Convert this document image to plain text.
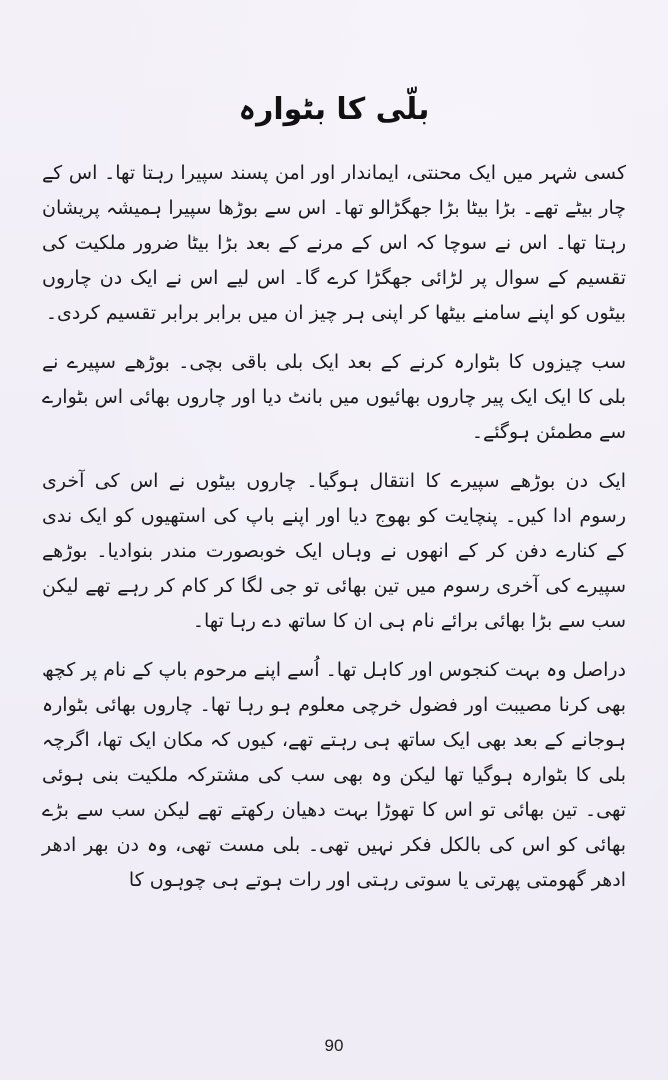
بلّی کا بٹوارہ

کسی شہر میں ایک محنتی، ایماندار اور امن پسند سپیرا رہتا تھا۔ اس کے چار بیٹے تھے۔ بڑا بیٹا بڑا جھگڑالو تھا۔ اس سے بوڑھا سپیرا ہمیشہ پریشان رہتا تھا۔ اس نے سوچا کہ اس کے مرنے کے بعد بڑا بیٹا ضرور ملکیت کی تقسیم کے سوال پر لڑائی جھگڑا کرے گا۔ اس لیے اس نے ایک دن چاروں بیٹوں کو اپنے سامنے بیٹھا کر اپنی ہر چیز ان میں برابر برابر تقسیم کردی۔

سب چیزوں کا بٹوارہ کرنے کے بعد ایک بلی باقی بچی۔ بوڑھے سپیرے نے بلی کا ایک ایک پیر چاروں بھائیوں میں بانٹ دیا اور چاروں بھائی اس بٹوارے سے مطمئن ہوگئے۔

ایک دن بوڑھے سپیرے کا انتقال ہوگیا۔ چاروں بیٹوں نے اس کی آخری رسوم ادا کیں۔ پنچایت کو بھوج دیا اور اپنے باپ کی استھیوں کو ایک ندی کے کنارے دفن کر کے انھوں نے وہاں ایک خوبصورت مندر بنوادیا۔ بوڑھے سپیرے کی آخری رسوم میں تین بھائی تو جی لگا کر کام کر رہے تھے لیکن سب سے بڑا بھائی برائے نام ہی ان کا ساتھ دے رہا تھا۔

دراصل وہ بہت کنجوس اور کاہل تھا۔ اُسے اپنے مرحوم باپ کے نام پر کچھ بھی کرنا مصیبت اور فضول خرچی معلوم ہو رہا تھا۔ چاروں بھائی بٹوارہ ہوجانے کے بعد بھی ایک ساتھ ہی رہتے تھے، کیوں کہ مکان ایک تھا، اگرچہ بلی کا بٹوارہ ہوگیا تھا لیکن وہ بھی سب کی مشترکہ ملکیت بنی ہوئی تھی۔ تین بھائی تو اس کا تھوڑا بہت دھیان رکھتے تھے لیکن سب سے بڑے بھائی کو اس کی بالکل فکر نہیں تھی۔ بلی مست تھی، وہ دن بھر ادھر ادھر گھومتی پھرتی یا سوتی رہتی اور رات ہوتے ہی چوہوں کا

90
